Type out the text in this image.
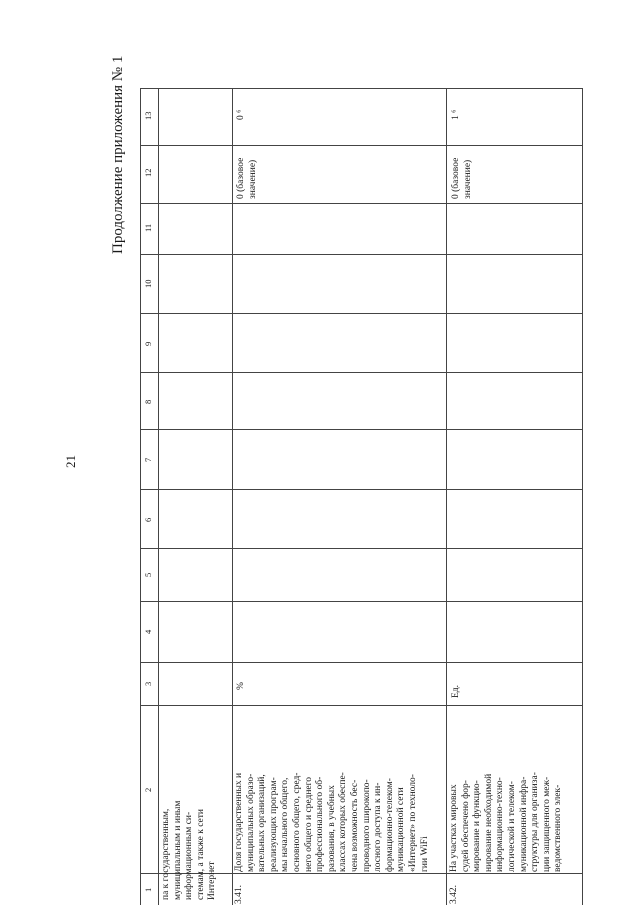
21
Продолжение приложения № 1
1
2
3
4
5
6
7
8
9
10
11
12
13
па к государственным, муниципальным и иным информационным си- стемам, а также к сети Интернет 3.41.
Доля государственных и муниципальных образо- вательных организаций, реализующих програм- мы начального общего, основного общего, сред- него общего и среднего профессионального об- разования, в учебных классах которых обеспе- чена возможность бес- проводного широкопо- лосного доступа к ин- формационно-телеком- муникационной сети «Интернет» по техноло- гии WiFi
%
0 (базовое значение)
0 ⁶
3.42.
На участках мировых судей обеспечено фор- мирование и функцио- нирование необходимой информационно-техно- логической и телеком- муникационной инфра- структуры для организа- ции защищенного меж- ведомственного элек-
Ед.
0 (базовое значение)
1 ⁶
